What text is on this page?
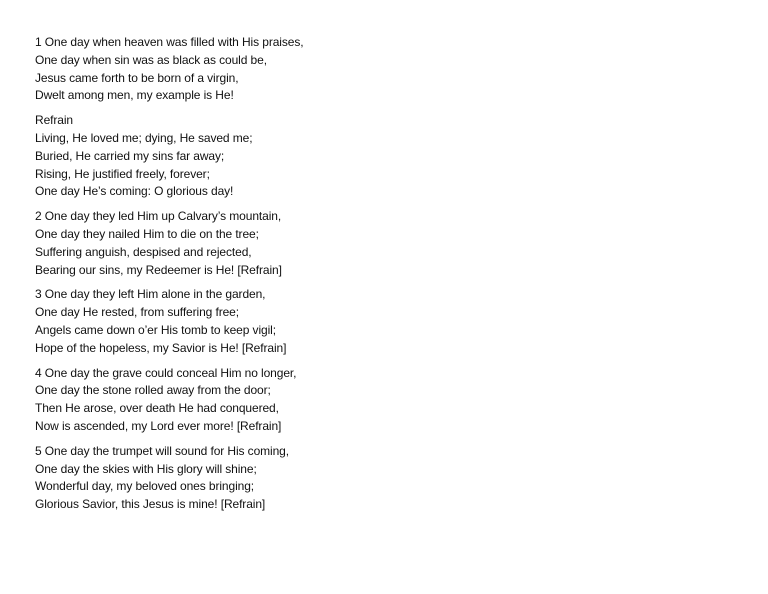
1 One day when heaven was filled with His praises,
One day when sin was as black as could be,
Jesus came forth to be born of a virgin,
Dwelt among men, my example is He!
Refrain
Living, He loved me; dying, He saved me;
Buried, He carried my sins far away;
Rising, He justified freely, forever;
One day He’s coming: O glorious day!
2 One day they led Him up Calvary’s mountain,
One day they nailed Him to die on the tree;
Suffering anguish, despised and rejected,
Bearing our sins, my Redeemer is He! [Refrain]
3 One day they left Him alone in the garden,
One day He rested, from suffering free;
Angels came down o’er His tomb to keep vigil;
Hope of the hopeless, my Savior is He! [Refrain]
4 One day the grave could conceal Him no longer,
One day the stone rolled away from the door;
Then He arose, over death He had conquered,
Now is ascended, my Lord ever more! [Refrain]
5 One day the trumpet will sound for His coming,
One day the skies with His glory will shine;
Wonderful day, my beloved ones bringing;
Glorious Savior, this Jesus is mine! [Refrain]
